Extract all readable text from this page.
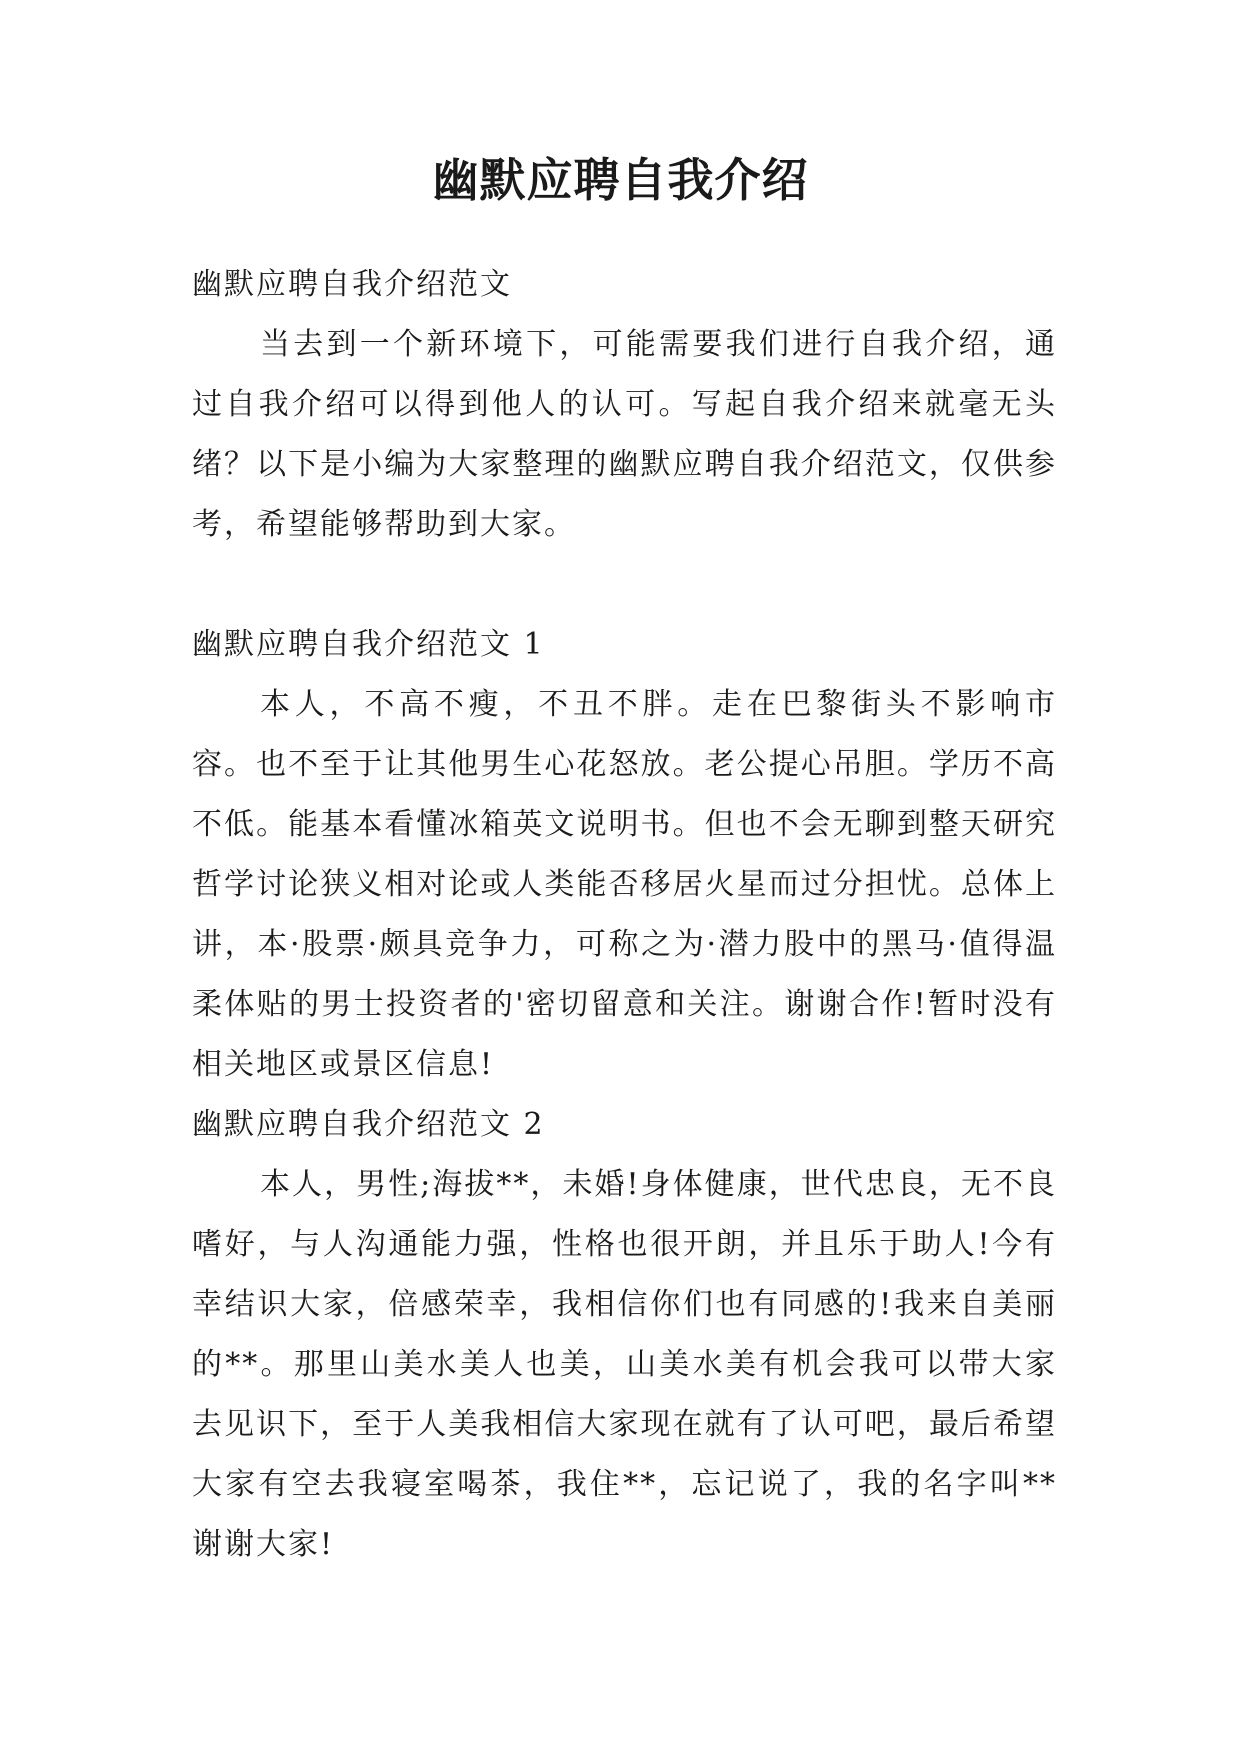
幽默应聘自我介绍

幽默应聘自我介绍范文

当去到一个新环境下，可能需要我们进行自我介绍，通过自我介绍可以得到他人的认可。写起自我介绍来就毫无头绪？以下是小编为大家整理的幽默应聘自我介绍范文，仅供参考，希望能够帮助到大家。

幽默应聘自我介绍范文 1

本人，不高不瘦，不丑不胖。走在巴黎街头不影响市容。也不至于让其他男生心花怒放。老公提心吊胆。学历不高不低。能基本看懂冰箱英文说明书。但也不会无聊到整天研究哲学讨论狭义相对论或人类能否移居火星而过分担忧。总体上讲，本·股票·颇具竞争力，可称之为·潜力股中的黑马·值得温柔体贴的男士投资者的'密切留意和关注。谢谢合作!暂时没有相关地区或景区信息!

幽默应聘自我介绍范文 2

本人，男性;海拔**，未婚!身体健康，世代忠良，无不良嗜好，与人沟通能力强，性格也很开朗，并且乐于助人!今有幸结识大家，倍感荣幸，我相信你们也有同感的!我来自美丽的**。那里山美水美人也美，山美水美有机会我可以带大家去见识下，至于人美我相信大家现在就有了认可吧，最后希望大家有空去我寝室喝茶，我住**，忘记说了，我的名字叫**谢谢大家!
